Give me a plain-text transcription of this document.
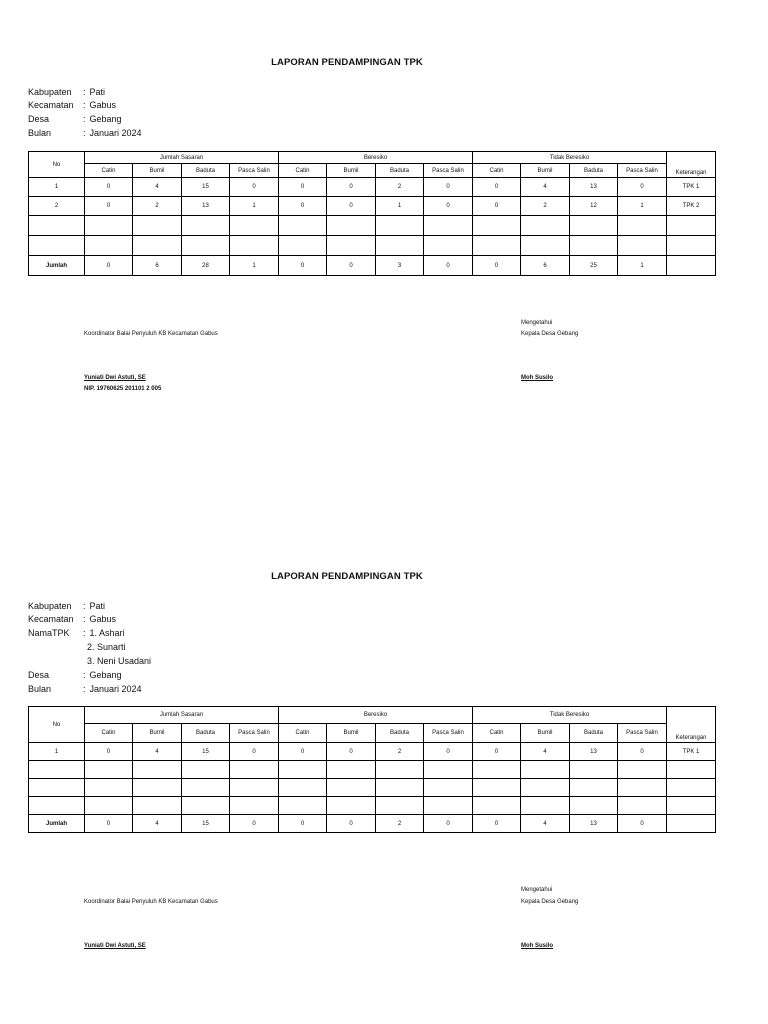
LAPORAN PENDAMPINGAN TPK
Kabupaten : Pati
Kecamatan : Gabus
Desa	: Gebang
Bulan	: Januari 2024
No	Jumlah Sasaran				Beresiko				Tidak Beresiko				Keterangan
	Catin	Bumil	Baduta	Pasca Salin	Catin	Bumil	Baduta	Pasca Salin	Catin	Bumil	Baduta	Pasca Salin	
1	0	4	15	0	0	0	2	0	0	4	13	0	TPK 1
2	0	2	13	1	0	0	1	0	0	2	12	1	TPK 2

Jumlah	0	6	28	1	0	0	3	0	0	6	25	1	
Mengetahui
Koordinator Balai Penyuluh KB Kecamatan Gabus	Kepala Desa Gebang
Yuniati Dwi Astuti, SE	Moh Susilo
NIP. 19760625 201101 2 005
LAPORAN PENDAMPINGAN TPK
Kabupaten : Pati
Kecamatan : Gabus
NamaTPK : 1. Ashari
2. Sunarti
3. Neni Usadani
Desa	: Gebang
Bulan	: Januari 2024
No	Jumlah Sasaran				Beresiko				Tidak Beresiko				Keterangan
	Catin	Bumil	Baduta	Pasca Salin	Catin	Bumil	Baduta	Pasca Salin	Catin	Bumil	Baduta	Pasca Salin	
1	0	4	15	0	0	0	2	0	0	4	13	0	TPK 1

Jumlah	0	4	15	0	0	0	2	0	0	4	13	0	
Mengetahui
Koordinator Balai Penyuluh KB Kecamatan Gabus	Kepala Desa Gebang
Yuniati Dwi Astuti, SE	Moh Susilo
